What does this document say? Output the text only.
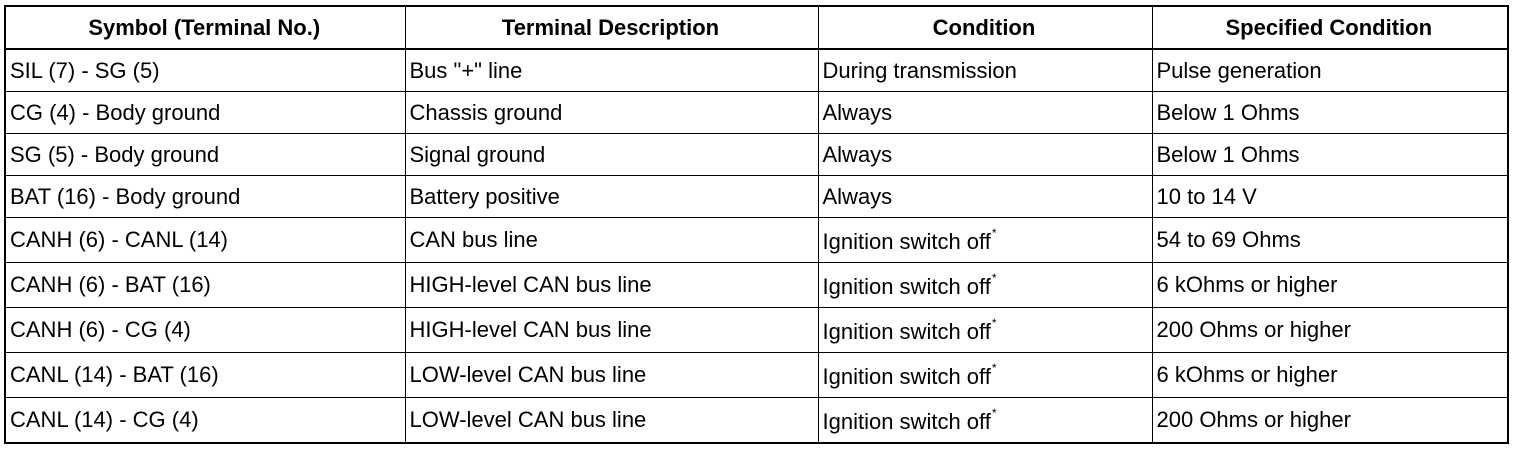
Symbol (Terminal No.)	Terminal Description	Condition	Specified Condition
SIL (7) - SG (5)	Bus "+" line	During transmission	Pulse generation
CG (4) - Body ground	Chassis ground	Always	Below 1 Ohms
SG (5) - Body ground	Signal ground	Always	Below 1 Ohms
BAT (16) - Body ground	Battery positive	Always	10 to 14 V
CANH (6) - CANL (14)	CAN bus line	Ignition switch off*	54 to 69 Ohms
CANH (6) - BAT (16)	HIGH-level CAN bus line	Ignition switch off*	6 kOhms or higher
CANH (6) - CG (4)	HIGH-level CAN bus line	Ignition switch off*	200 Ohms or higher
CANL (14) - BAT (16)	LOW-level CAN bus line	Ignition switch off*	6 kOhms or higher
CANL (14) - CG (4)	LOW-level CAN bus line	Ignition switch off*	200 Ohms or higher
